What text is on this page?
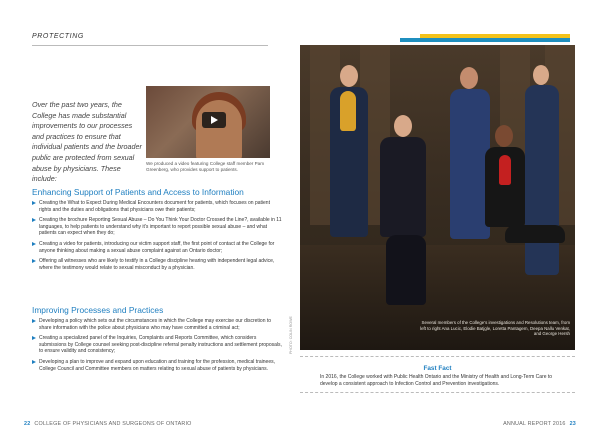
PROTECTING
Over the past two years, the College has made substantial improvements to our processes and practices to ensure that individual patients and the broader public are protected from sexual abuse by physicians. These include:
We produced a video featuring College staff member Pam Greenberg, who provides support to patients.
Enhancing Support of Patients and Access to Information
Creating the What to Expect During Medical Encounters document for patients, which focuses on patient rights and the duties and obligations that physicians owe their patients;
Creating the brochure Reporting Sexual Abuse – Do You Think Your Doctor Crossed the Line?, available in 11 languages, to help patients to understand why it's important to report possible sexual abuse – and what patients can expect when they do;
Creating a video for patients, introducing our victim support staff, the first point of contact at the College for anyone thinking about making a sexual abuse complaint against an Ontario doctor;
Offering all witnesses who are likely to testify in a College discipline hearing with independent legal advice, where the testimony would relate to sexual misconduct by a physician.
Improving Processes and Practices
Developing a policy which sets out the circumstances in which the College may exercise our discretion to share information with the police about physicians who may have committed a criminal act;
Creating a specialized panel of the Inquiries, Complaints and Reports Committee, which considers submissions by College counsel seeking post-discipline referral penalty instructions and settlement proposals, to ensure validity and consistency;
Developing a plan to improve and expand upon education and training for the profession, medical trainees, College Council and Committee members on matters relating to sexual abuse of patients by physicians.
Several members of the College's investigations and Resolutions team, from left to right Ana Lucic, Elodie Batjgle, Loretta Pantagem, Deepa Nallu Venkat, and George Hersh
PHOTO: COLIN ROWE
Fast Fact
In 2016, the College worked with Public Health Ontario and the Ministry of Health and Long-Term Care to develop a consistent approach to Infection Control and Prevention investigations.
22 COLLEGE OF PHYSICIANS AND SURGEONS OF ONTARIO	ANNUAL REPORT 2016 23
